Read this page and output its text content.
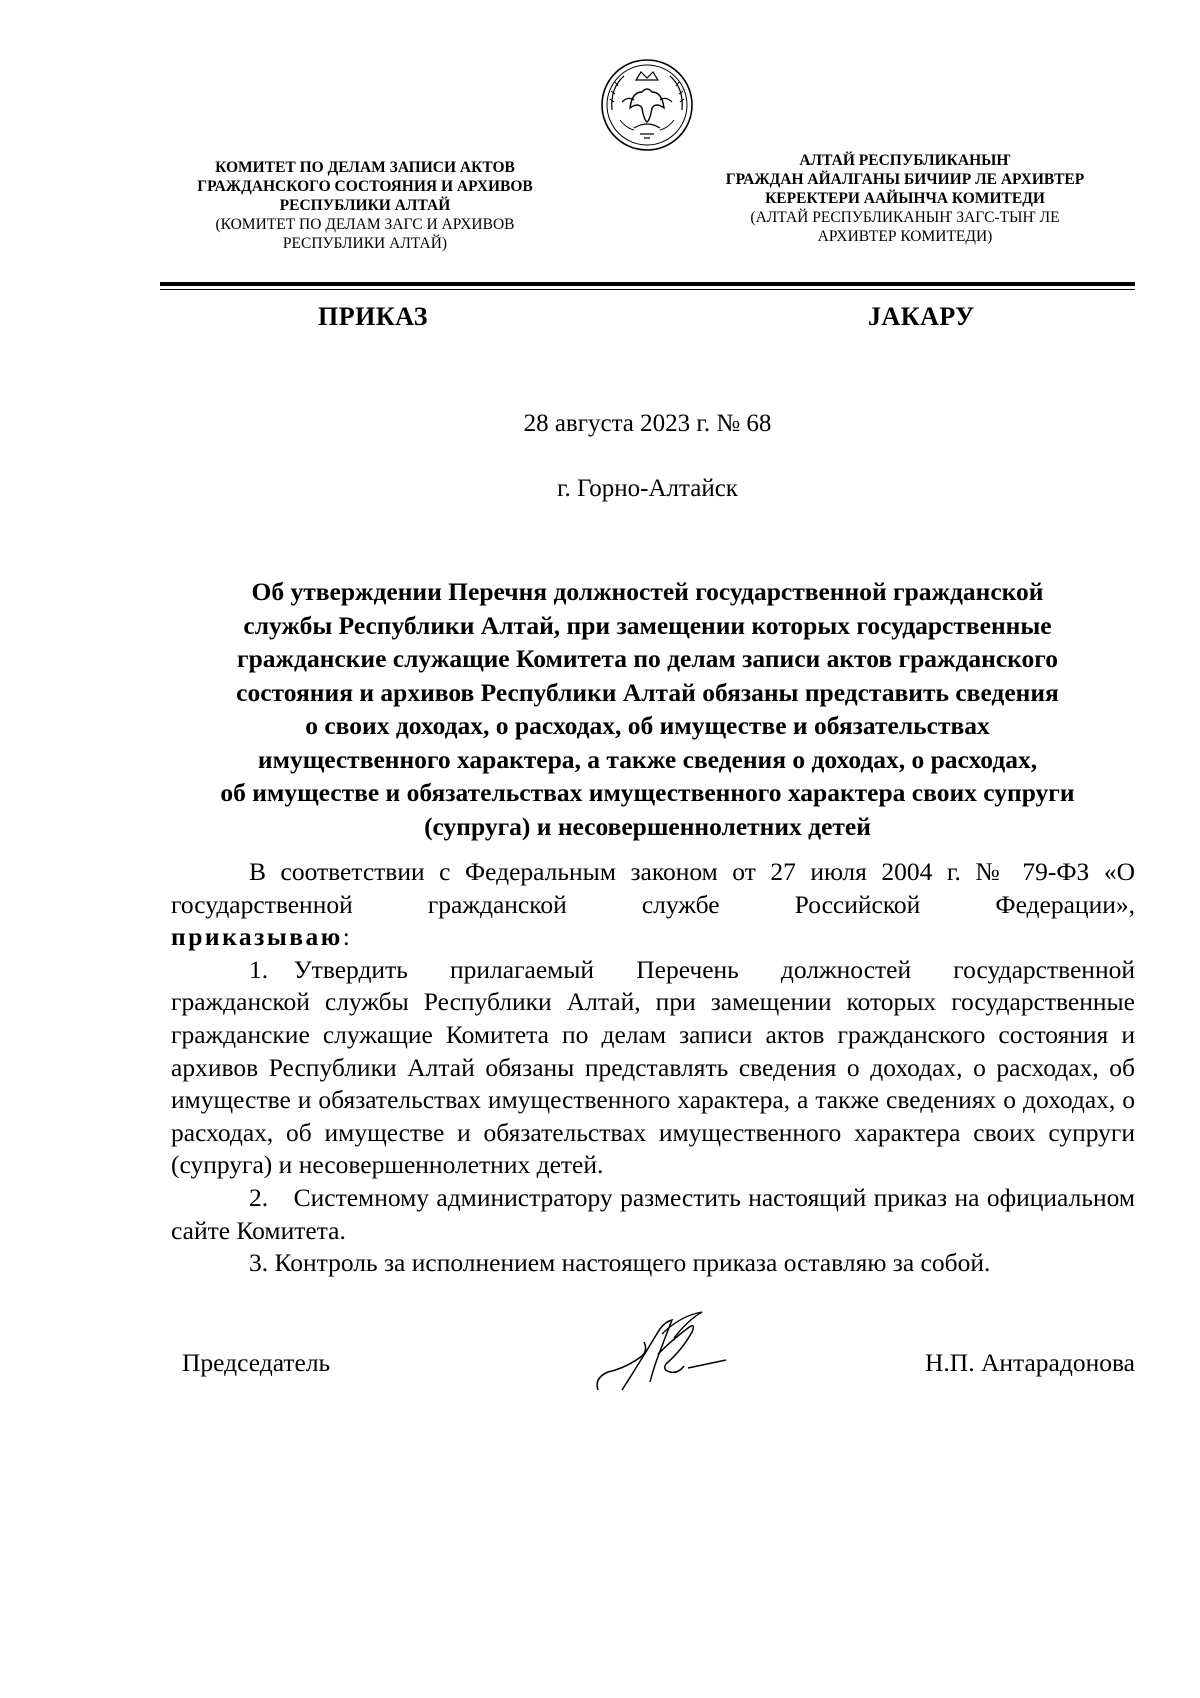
КОМИТЕТ ПО ДЕЛАМ ЗАПИСИ АКТОВ
ГРАЖДАНСКОГО СОСТОЯНИЯ И АРХИВОВ
РЕСПУБЛИКИ АЛТАЙ
(КОМИТЕТ ПО ДЕЛАМ ЗАГС И АРХИВОВ
РЕСПУБЛИКИ АЛТАЙ)
АЛТАЙ РЕСПУБЛИКАНЫҤ
ГРАЖДАН АЙАЛГАНЫ БИЧИИР ЛЕ АРХИВТЕР
КЕРЕКТЕРИ ААЙЫНЧА КОМИТЕДИ
(АЛТАЙ РЕСПУБЛИКАНЫҤ ЗАГС-ТЫҤ ЛЕ
АРХИВТЕР КОМИТЕДИ)
ПРИКАЗ	ЈАКАРУ
28 августа 2023 г. № 68
г. Горно-Алтайск
Об утверждении Перечня должностей государственной гражданской
службы Республики Алтай, при замещении которых государственные
гражданские служащие Комитета по делам записи актов гражданского
состояния и архивов Республики Алтай обязаны представить сведения
о своих доходах, о расходах, об имуществе и обязательствах
имущественного характера, а также сведения о доходах, о расходах,
об имуществе и обязательствах имущественного характера своих супруги
(супруга) и несовершеннолетних детей

В соответствии с Федеральным законом от 27 июля 2004 г. № 79-ФЗ «О государственной гражданской службе Российской Федерации»,

приказываю:

1. Утвердить прилагаемый Перечень должностей государственной гражданской службы Республики Алтай, при замещении которых государственные гражданские служащие Комитета по делам записи актов гражданского состояния и архивов Республики Алтай обязаны представлять сведения о доходах, о расходах, об имуществе и обязательствах имущественного характера, а также сведениях о доходах, о расходах, об имуществе и обязательствах имущественного характера своих супруги (супруга) и несовершеннолетних детей.

2. Системному администратору разместить настоящий приказ на официальном сайте Комитета.

3. Контроль за исполнением настоящего приказа оставляю за собой.

Председатель	Н.П. Антарадонова
